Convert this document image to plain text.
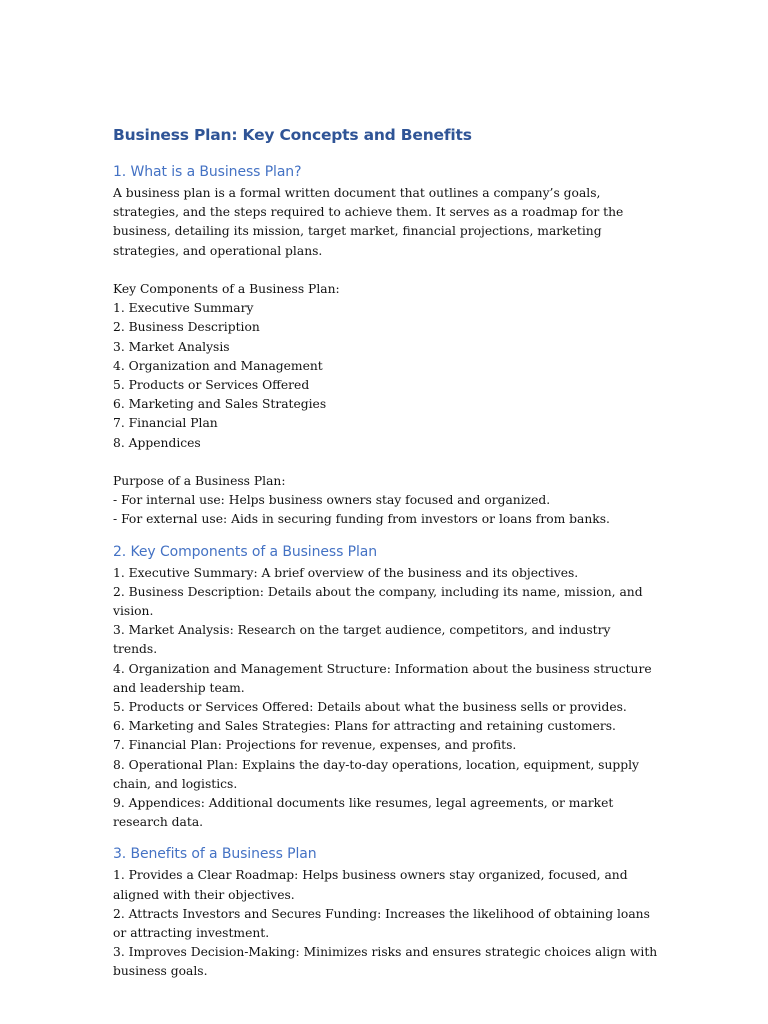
Business Plan: Key Concepts and Benefits
1. What is a Business Plan?

A business plan is a formal written document that outlines a company’s goals, strategies, and the steps required to achieve them. It serves as a roadmap for the business, detailing its mission, target market, financial projections, marketing strategies, and operational plans.

Key Components of a Business Plan:

1. Executive Summary

2. Business Description

3. Market Analysis

4. Organization and Management

5. Products or Services Offered

6. Marketing and Sales Strategies

7. Financial Plan

8. Appendices

Purpose of a Business Plan:

- For internal use: Helps business owners stay focused and organized.

- For external use: Aids in securing funding from investors or loans from banks.

2. Key Components of a Business Plan

1. Executive Summary: A brief overview of the business and its objectives.

2. Business Description: Details about the company, including its name, mission, and vision.

3. Market Analysis: Research on the target audience, competitors, and industry trends.

4. Organization and Management Structure: Information about the business structure and leadership team.

5. Products or Services Offered: Details about what the business sells or provides.

6. Marketing and Sales Strategies: Plans for attracting and retaining customers.

7. Financial Plan: Projections for revenue, expenses, and profits.

8. Operational Plan: Explains the day-to-day operations, location, equipment, supply chain, and logistics.

9. Appendices: Additional documents like resumes, legal agreements, or market research data.

3. Benefits of a Business Plan

1. Provides a Clear Roadmap: Helps business owners stay organized, focused, and aligned with their objectives.

2. Attracts Investors and Secures Funding: Increases the likelihood of obtaining loans or attracting investment.

3. Improves Decision-Making: Minimizes risks and ensures strategic choices align with business goals.
